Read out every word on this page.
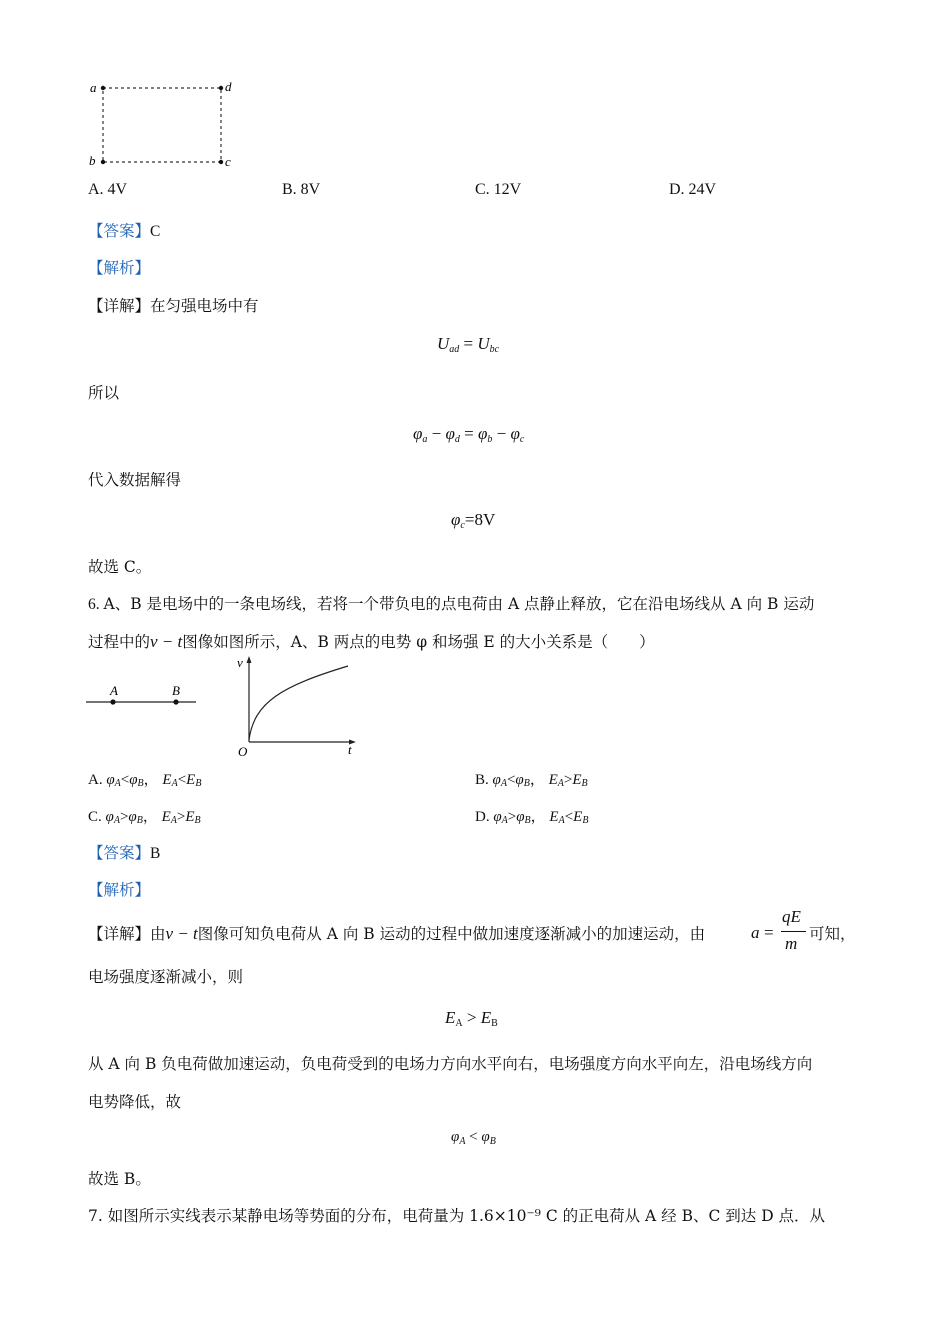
a	d
b	c
A. 4V	B. 8V	C. 12V	D. 24V
【答案】C
【解析】
【详解】在匀强电场中有
$U_{ad} = U_{bc}$
所以
$\varphi_a - \varphi_d = \varphi_b - \varphi_c$
代入数据解得
$\varphi_c=8V$
故选 C。
6. A、B 是电场中的一条电场线，若将一个带负电的点电荷由 A 点静止释放，它在沿电场线从 A 向 B 运动
过程中的v − t图像如图所示，A、B 两点的电势 φ 和场强 E 的大小关系是（　　）
A	B
v
t
O
A. $\varphi_A<\varphi_B$， $E_A<E_B$	B. $\varphi_A<\varphi_B$， $E_A>E_B$
C. $\varphi_A>\varphi_B$， $E_A>E_B$	D. $\varphi_A>\varphi_B$， $E_A<E_B$
【答案】B
【解析】
【详解】由v − t图像可知负电荷从 A 向 B 运动的过程中做加速度逐渐减小的加速运动，由	a =
qE
m 可知，
电场强度逐渐减小，则
$E_A > E_B$
从 A 向 B 负电荷做加速运动，负电荷受到的电场力方向水平向右，电场强度方向水平向左，沿电场线方向
电势降低，故
$\varphi_A < \varphi_B$
故选 B。
7. 如图所示实线表示某静电场等势面的分布，电荷量为 1.6×10⁻⁹ C 的正电荷从 A 经 B、C 到达 D 点．从
